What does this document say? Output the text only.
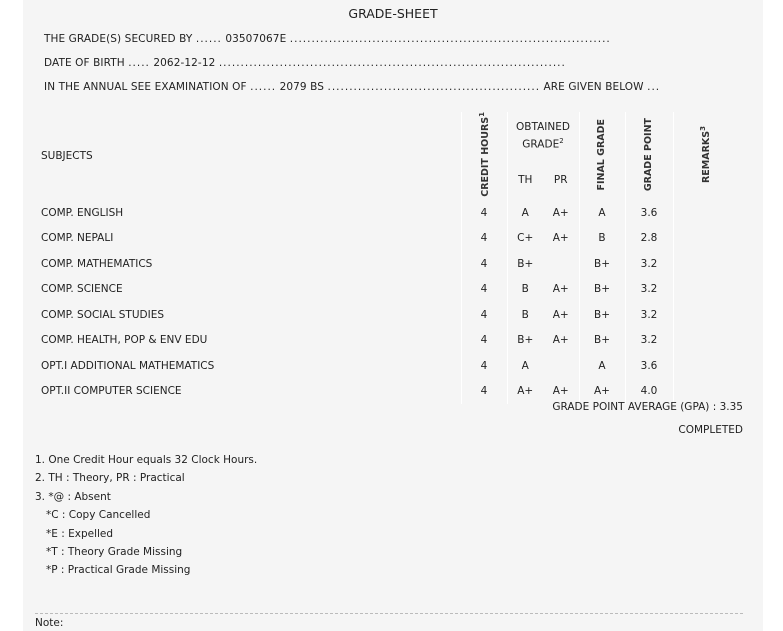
GRADE-SHEET
THE GRADE(S) SECURED BY ...... 03507067E ..........................................................................
DATE OF BIRTH ..... 2062-12-12 ................................................................................
IN THE ANNUAL SEE EXAMINATION OF ...... 2079 BS ................................................. ARE GIVEN BELOW ...
SUBJECTS	CREDIT HOURS$^1$	OBTAINED GRADE$^2$		FINAL GRADE	GRADE POINT	REMARKS$^3$	
		TH	PR				
COMP. ENGLISH	4	A	A+	A	3.6		
COMP. NEPALI	4	C+	A+	B	2.8		
COMP. MATHEMATICS	4	B+		B+	3.2		
COMP. SCIENCE	4	B	A+	B+	3.2		
COMP. SOCIAL STUDIES	4	B	A+	B+	3.2		
COMP. HEALTH, POP & ENV EDU	4	B+	A+	B+	3.2		
OPT.I ADDITIONAL MATHEMATICS	4	A		A	3.6		
OPT.II COMPUTER SCIENCE	4	A+	A+	A+	4.0		
GRADE POINT AVERAGE (GPA) : 3.35
COMPLETED
1. One Credit Hour equals 32 Clock Hours.
2. TH : Theory, PR : Practical
3. *@ : Absent
*C : Copy Cancelled
*E : Expelled
*T : Theory Grade Missing
*P : Practical Grade Missing
Note:
